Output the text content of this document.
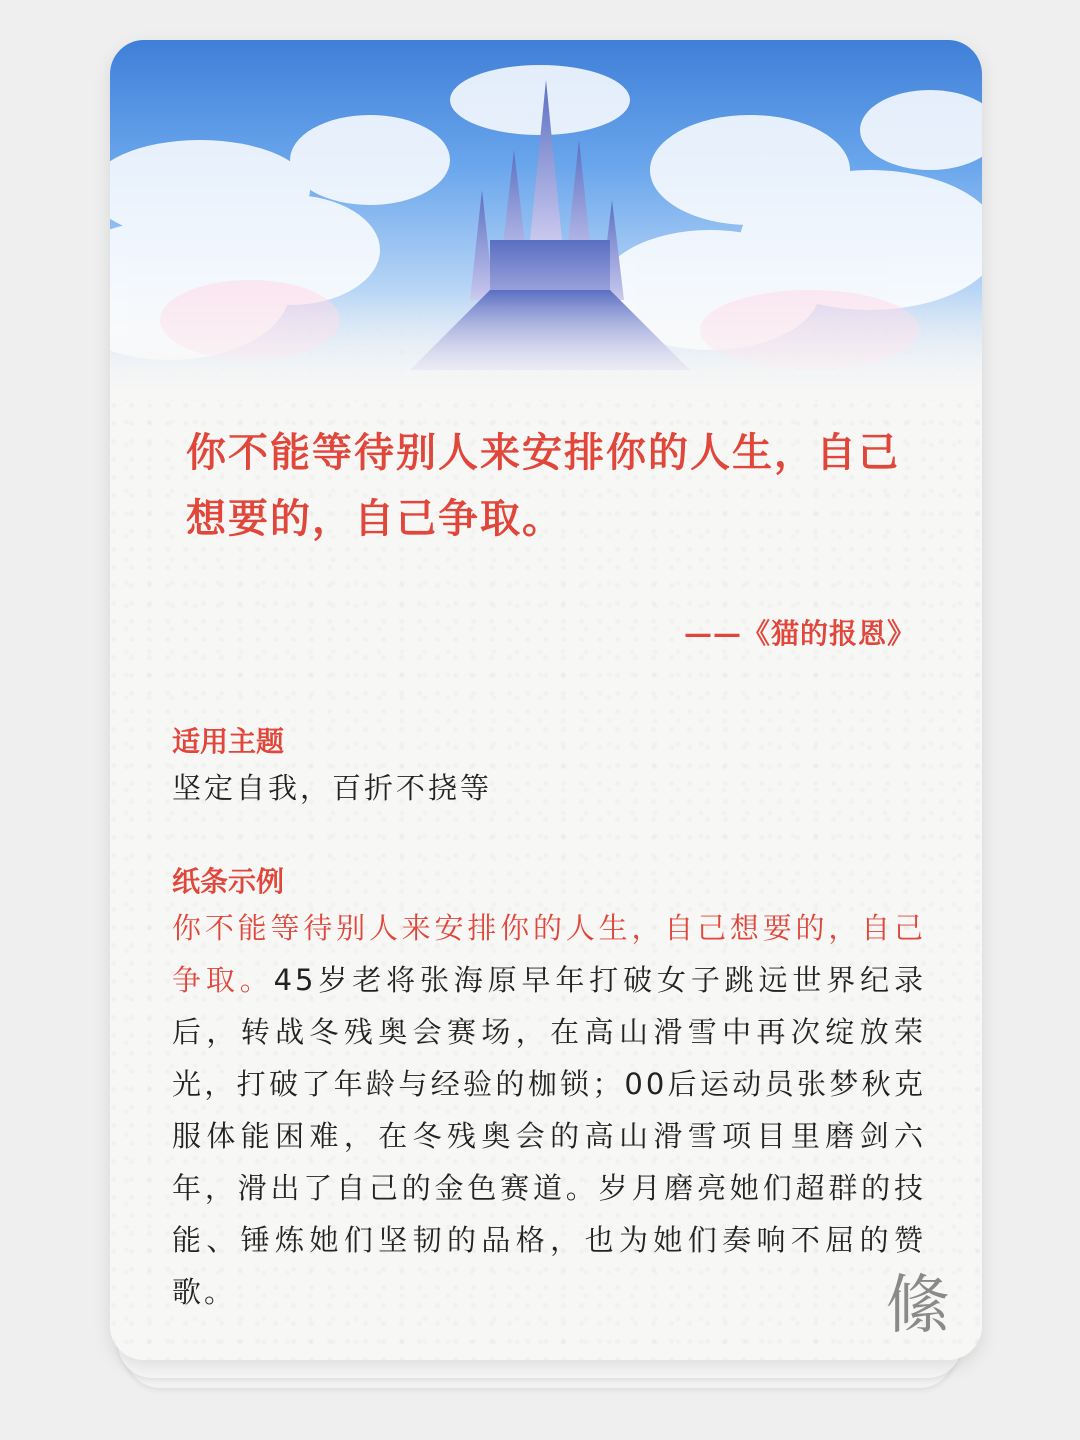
你不能等待别人来安排你的人生，自己想要的，自己争取。
——《猫的报恩》
适用主题
坚定自我，百折不挠等
纸条示例
你不能等待别人来安排你的人生，自己想要的，自己争取。45岁老将张海原早年打破女子跳远世界纪录后，转战冬残奥会赛场，在高山滑雪中再次绽放荣光，打破了年龄与经验的枷锁；00后运动员张梦秋克服体能困难，在冬残奥会的高山滑雪项目里磨剑六年，滑出了自己的金色赛道。岁月磨亮她们超群的技能、锤炼她们坚韧的品格，也为她们奏响不屈的赞歌。	絛
